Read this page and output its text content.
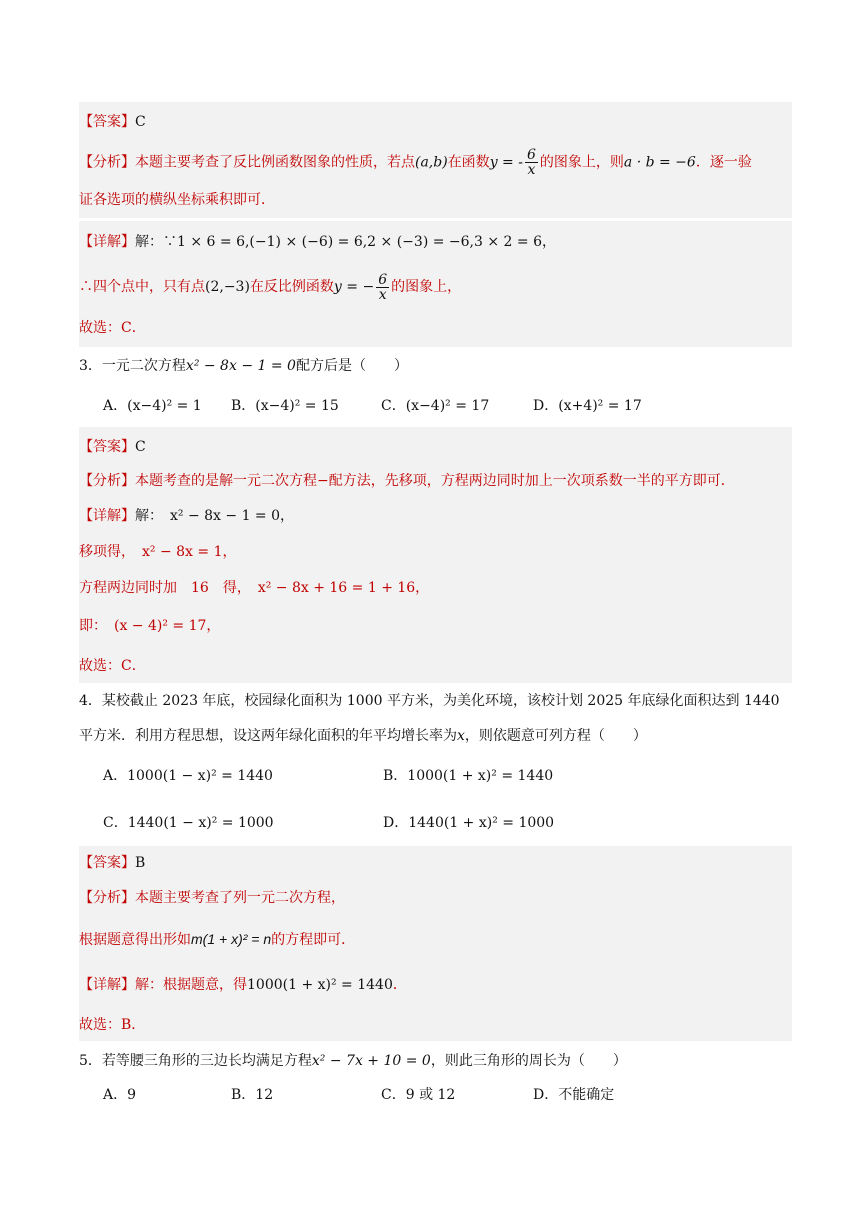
【答案】C
【分析】本题主要考查了反比例函数图象的性质，若点(a,b)在函数y = - $\frac{6}{x}$ 的图象上，则a · b = −6．逐一验
证各选项的横纵坐标乘积即可．
【详解】解：∵1 × 6 = 6,(−1) × (−6) = 6,2 × (−3) = −6,3 × 2 = 6，
∴四个点中，只有点(2,−3)在反比例函数y = − $\frac{6}{x}$ 的图象上，
故选：C．
3．一元二次方程x² − 8x − 1 = 0配方后是（　　）
A．(x−4)² = 1 B．(x−4)² = 15	C．(x−4)² = 17	D．(x+4)² = 17
【答案】C
【分析】本题考查的是解一元二次方程−配方法，先移项，方程两边同时加上一次项系数一半的平方即可．
【详解】解：　x² − 8x − 1 = 0，
移项得，　x² − 8x = 1，
方程两边同时加　16　得，　x² − 8x + 16 = 1 + 16，
即：　(x − 4)² = 17，
故选：C．
4．某校截止 2023 年底，校园绿化面积为 1000 平方米，为美化环境，该校计划 2025 年底绿化面积达到 1440
平方米．利用方程思想，设这两年绿化面积的年平均增长率为x，则依题意可列方程（　　）
A．1000(1 − x)² = 1440	B．1000(1 + x)² = 1440
C．1440(1 − x)² = 1000	D．1440(1 + x)² = 1000
【答案】B
【分析】本题主要考查了列一元二次方程，
根据题意得出形如m(1 + x)² = n的方程即可．
【详解】解：根据题意，得1000(1 + x)² = 1440．
故选：B．
5．若等腰三角形的三边长均满足方程x² − 7x + 10 = 0，则此三角形的周长为（　　）
A．9	B．12	C．9 或 12	D．不能确定
